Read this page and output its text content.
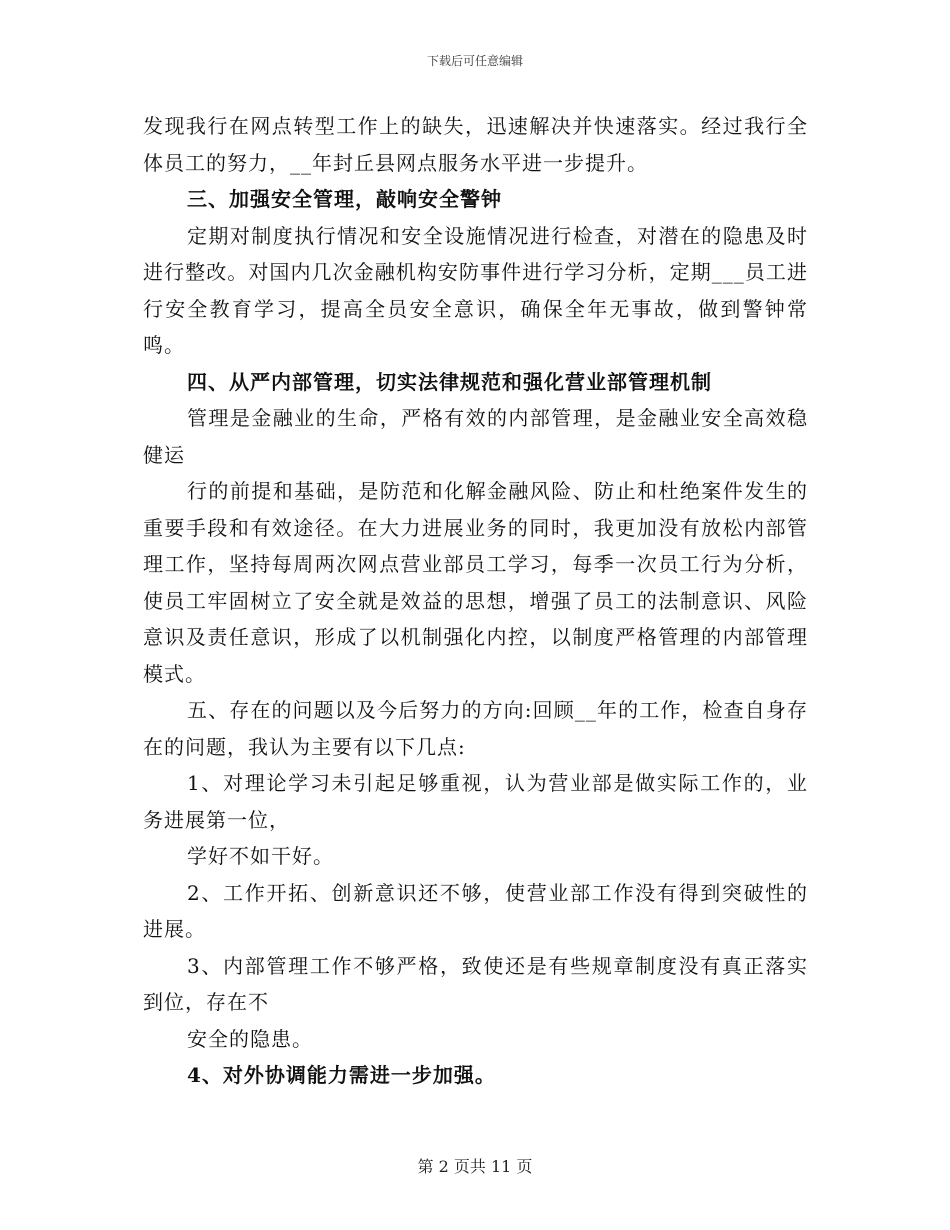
下载后可任意编辑

发现我行在网点转型工作上的缺失，迅速解决并快速落实。经过我行全体员工的努力，__年封丘县网点服务水平进一步提升。

三、加强安全管理，敲响安全警钟

定期对制度执行情况和安全设施情况进行检查，对潜在的隐患及时进行整改。对国内几次金融机构安防事件进行学习分析，定期___员工进行安全教育学习，提高全员安全意识，确保全年无事故，做到警钟常鸣。

四、从严内部管理，切实法律规范和强化营业部管理机制

管理是金融业的生命，严格有效的内部管理，是金融业安全高效稳健运

行的前提和基础，是防范和化解金融风险、防止和杜绝案件发生的重要手段和有效途径。在大力进展业务的同时，我更加没有放松内部管理工作，坚持每周两次网点营业部员工学习，每季一次员工行为分析，使员工牢固树立了安全就是效益的思想，增强了员工的法制意识、风险意识及责任意识，形成了以机制强化内控，以制度严格管理的内部管理模式。

五、存在的问题以及今后努力的方向:回顾__年的工作，检查自身存在的问题，我认为主要有以下几点:

1、对理论学习未引起足够重视，认为营业部是做实际工作的，业务进展第一位，

学好不如干好。

2、工作开拓、创新意识还不够，使营业部工作没有得到突破性的进展。

3、内部管理工作不够严格，致使还是有些规章制度没有真正落实到位，存在不

安全的隐患。

4、对外协调能力需进一步加强。

第 2 页共 11 页
